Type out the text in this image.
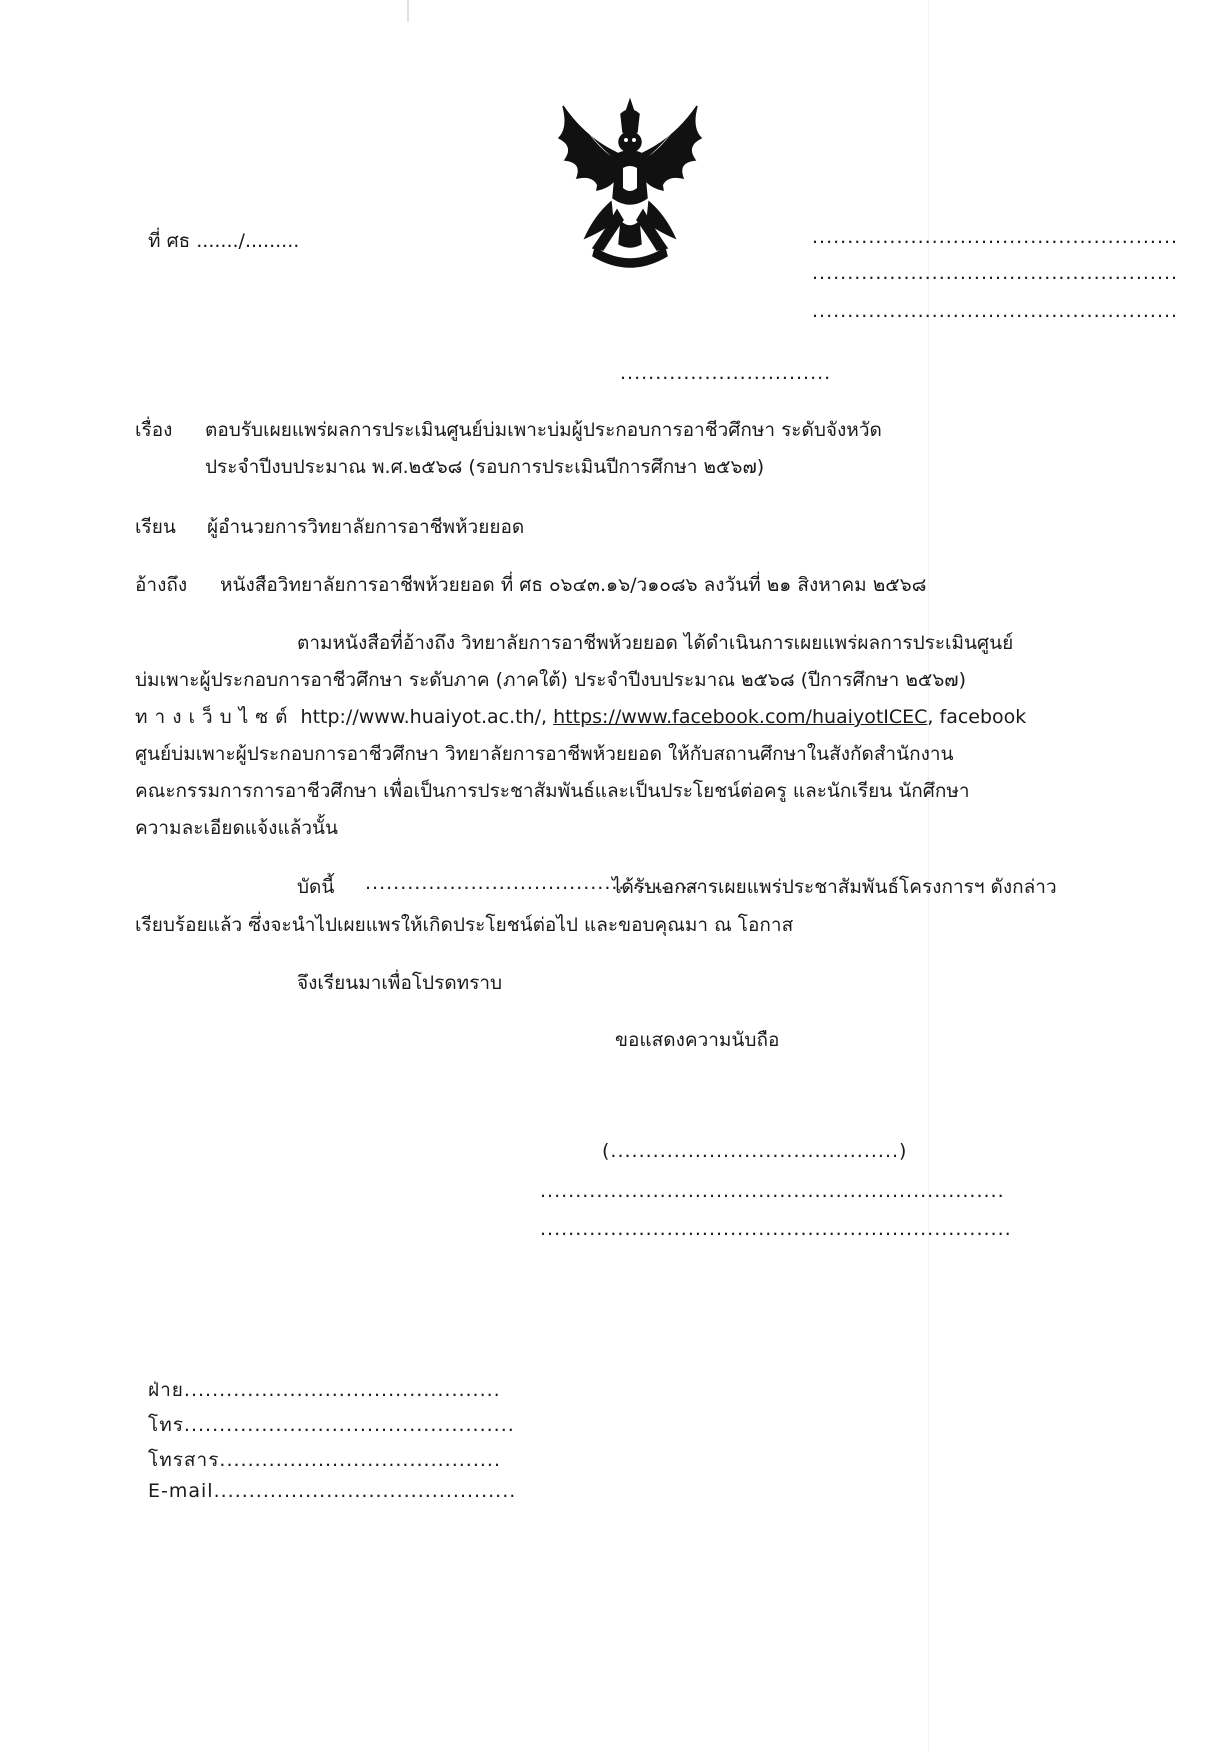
ที่ ศธ ......./.........	....................................................
....................................................
....................................................
..............................
เรื่อง ตอบรับเผยแพร่ผลการประเมินศูนย์บ่มเพาะบ่มผู้ประกอบการอาชีวศึกษา ระดับจังหวัด
ประจำปีงบประมาณ พ.ศ.๒๕๖๘ (รอบการประเมินปีการศึกษา ๒๕๖๗)
เรียน ผู้อำนวยการวิทยาลัยการอาชีพห้วยยอด
อ้างถึง หนังสือวิทยาลัยการอาชีพห้วยยอด ที่ ศธ ๐๖๔๓.๑๖/ว๑๐๘๖ ลงวันที่ ๒๑ สิงหาคม ๒๕๖๘
ตามหนังสือที่อ้างถึง วิทยาลัยการอาชีพห้วยยอด ได้ดำเนินการเผยแพร่ผลการประเมินศูนย์
บ่มเพาะผู้ประกอบการอาชีวศึกษา ระดับภาค (ภาคใต้) ประจำปีงบประมาณ ๒๕๖๘ (ปีการศึกษา ๒๕๖๗)
ทางเว็บไซต์ http://www.huaiyot.ac.th/, https://www.facebook.com/huaiyotICEC, facebook
ศูนย์บ่มเพาะผู้ประกอบการอาชีวศึกษา วิทยาลัยการอาชีพห้วยยอด ให้กับสถานศึกษาในสังกัดสำนักงาน
คณะกรรมการการอาชีวศึกษา เพื่อเป็นการประชาสัมพันธ์และเป็นประโยชน์ต่อครู และนักเรียน นักศึกษา
ความละเอียดแจ้งแล้วนั้น
บัดนี้ ................................................
ได้รับเอกสารเผยแพร่ประชาสัมพันธ์โครงการฯ ดังกล่าว
เรียบร้อยแล้ว ซึ่งจะนำไปเผยแพรให้เกิดประโยชน์ต่อไป และขอบคุณมา ณ โอกาส
จึงเรียนมาเพื่อโปรดทราบ
ขอแสดงความนับถือ
(.........................................)
..................................................................
...................................................................
ฝ่าย.............................................
โทร...............................................
โทรสาร........................................
E-mail...........................................
